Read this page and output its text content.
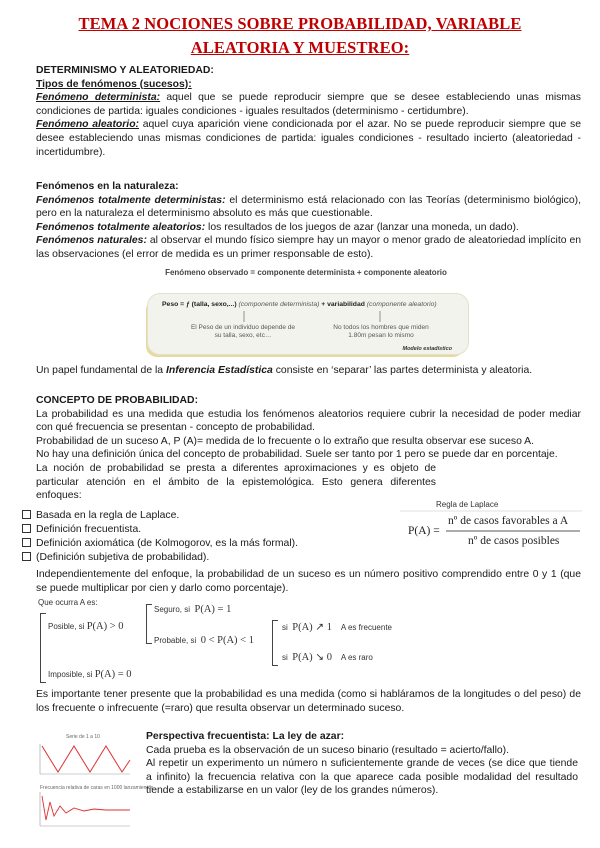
TEMA 2 NOCIONES SOBRE PROBABILIDAD, VARIABLE
ALEATORIA Y MUESTREO:

DETERMINISMO Y ALEATORIEDAD:

Tipos de fenómenos (sucesos):

Fenómeno determinista: aquel que se puede reproducir siempre que se desee estableciendo unas mismas condiciones de partida: iguales condiciones - iguales resultados (determinismo - certidumbre).

Fenómeno aleatorio: aquel cuya aparición viene condicionada por el azar. No se puede reproducir siempre que se desee estableciendo unas mismas condiciones de partida: iguales condiciones - resultado incierto (aleatoriedad - incertidumbre).

Fenómenos en la naturaleza:

Fenómenos totalmente deterministas: el determinismo está relacionado con las Teorías (determinismo biológico), pero en la naturaleza el determinismo absoluto es más que cuestionable.

Fenómenos totalmente aleatorios: los resultados de los juegos de azar (lanzar una moneda, un dado).

Fenómenos naturales: al observar el mundo físico siempre hay un mayor o menor grado de aleatoriedad implícito en las observaciones (el error de medida es un primer responsable de esto).

Fenómeno observado = componente determinista + componente aleatorio
Peso = ƒ (talla, sexo,...) (componente determinista) + variabilidad (componente aleatorio)
El Peso de un individuo depende de su talla, sexo, etc…
No todos los hombres que miden 1.80m pesan lo mismo
Modelo estadístico

Un papel fundamental de la Inferencia Estadística consiste en ‘separar’ las partes determinista y aleatoria.

CONCEPTO DE PROBABILIDAD:

La probabilidad es una medida que estudia los fenómenos aleatorios requiere cubrir la necesidad de poder mediar con qué frecuencia se presentan - concepto de probabilidad.

Probabilidad de un suceso A, P (A)= medida de lo frecuente o lo extraño que resulta observar ese suceso A.

No hay una definición única del concepto de probabilidad. Suele ser tanto por 1 pero se puede dar en porcentaje.

La noción de probabilidad se presta a diferentes aproximaciones y es objeto de particular atención en el ámbito de la epistemológica. Esto genera diferentes enfoques:

Basada en la regla de Laplace.
Definición frecuentista.
Definición axiomática (de Kolmogorov, es la más formal).
(Definición subjetiva de probabilidad).
Regla de Laplace
P(A) =
nº de casos favorables a A
nº de casos posibles

Independientemente del enfoque, la probabilidad de un suceso es un número positivo comprendido entre 0 y 1 (que se puede multiplicar por cien y darlo como porcentaje).

Que ocurra A es:
Posible, si P(A) > 0
Seguro, si P(A) = 1
Probable, si 0 < P(A) < 1
si P(A) ↗ 1 A es frecuente
si P(A) ↘ 0 A es raro
Imposible, si P(A) = 0

Es importante tener presente que la probabilidad es una medida (como si habláramos de la longitudes o del peso) de los frecuente o infrecuente (=raro) que resulta observar un determinado suceso.

Serie de 1 a 10
Frecuencia relativa de caras en 1000 lanzamientos

Perspectiva frecuentista: La ley de azar:

Cada prueba es la observación de un suceso binario (resultado = acierto/fallo).

Al repetir un experimento un número n suficientemente grande de veces (se dice que tiende a infinito) la frecuencia relativa con la que aparece cada posible modalidad del resultado tiende a estabilizarse en un valor (ley de los grandes números).
